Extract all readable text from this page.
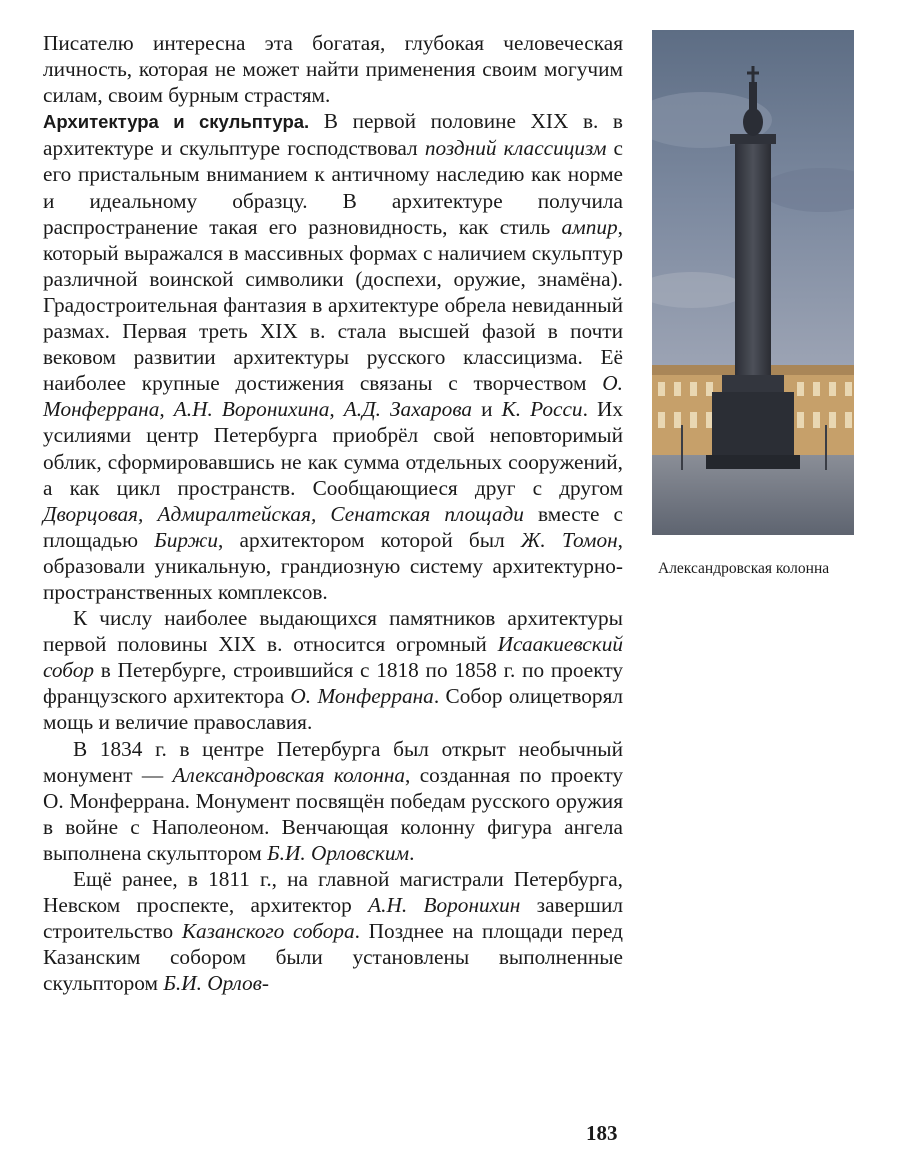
Писателю интересна эта богатая, глубокая человеческая личность, которая не может найти применения своим могучим силам, своим бурным страстям.

Архитектура и скульптура. В первой половине XIX в. в архитектуре и скульптуре господствовал поздний классицизм с его пристальным вниманием к античному наследию как норме и идеальному образцу. В архитектуре получила распространение такая его разновидность, как стиль ампир, который выражался в массивных формах с наличием скульптур различной воинской символики (доспехи, оружие, знамёна). Градостроительная фантазия в архитектуре обрела невиданный размах. Первая треть XIX в. стала высшей фазой в почти вековом развитии архитектуры русского классицизма. Её наиболее крупные достижения связаны с творчеством О. Монферрана, А.Н. Воронихина, А.Д. Захарова и К. Росси. Их усилиями центр Петербурга приобрёл свой неповторимый облик, сформировавшись не как сумма отдельных сооружений, а как цикл пространств. Сообщающиеся друг с другом Дворцовая, Адмиралтейская, Сенатская площади вместе с площадью Биржи, архитектором которой был Ж. Томон, образовали уникальную, грандиозную систему архитектурно-пространственных комплексов.

К числу наиболее выдающихся памятников архитектуры первой половины XIX в. относится огромный Исаакиевский собор в Петербурге, строившийся с 1818 по 1858 г. по проекту французского архитектора О. Монферрана. Собор олицетворял мощь и величие православия.

В 1834 г. в центре Петербурга был открыт необычный монумент — Александровская колонна, созданная по проекту О. Монферрана. Монумент посвящён победам русского оружия в войне с Наполеоном. Венчающая колонну фигура ангела выполнена скульптором Б.И. Орловским.

Ещё ранее, в 1811 г., на главной магистрали Петербурга, Невском проспекте, архитектор А.Н. Воронихин завершил строительство Казанского собора. Позднее на площади перед Казанским собором были установлены выполненные скульптором Б.И. Орлов-

Александровская колонна
183
